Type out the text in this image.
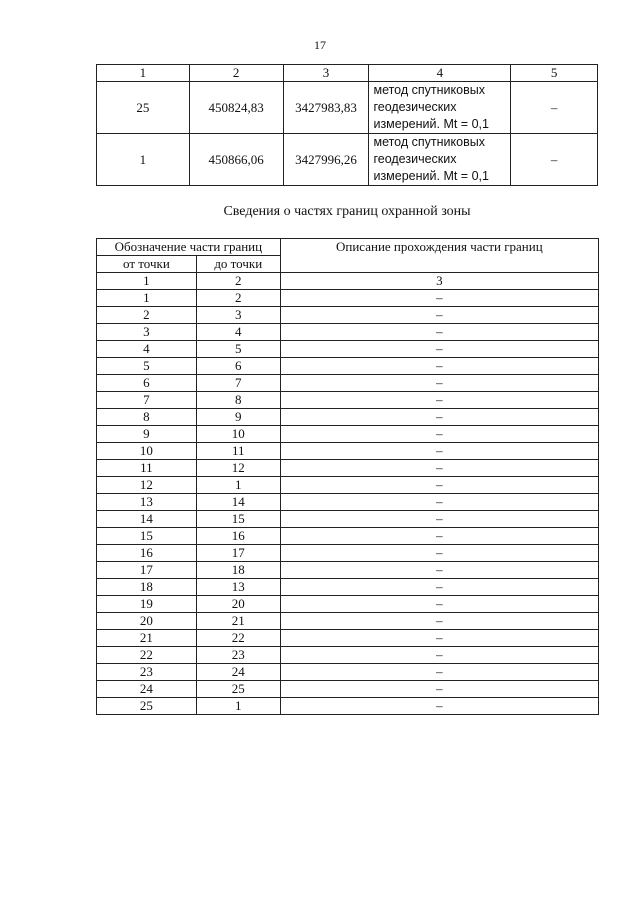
17
1	2	3	4	5
25	450824,83	3427983,83	метод спутниковых
геодезических
измерений. Mt = 0,1	–
1	450866,06	3427996,26	метод спутниковых
геодезических
измерений. Mt = 0,1	–
Сведения о частях границ охранной зоны
Обозначение части границ		Описание прохождения части границ
от точки	до точки	
1	2	3
1	2	–
2	3	–
3	4	–
4	5	–
5	6	–
6	7	–
7	8	–
8	9	–
9	10	–
10	11	–
11	12	–
12	1	–
13	14	–
14	15	–
15	16	–
16	17	–
17	18	–
18	13	–
19	20	–
20	21	–
21	22	–
22	23	–
23	24	–
24	25	–
25	1	–
